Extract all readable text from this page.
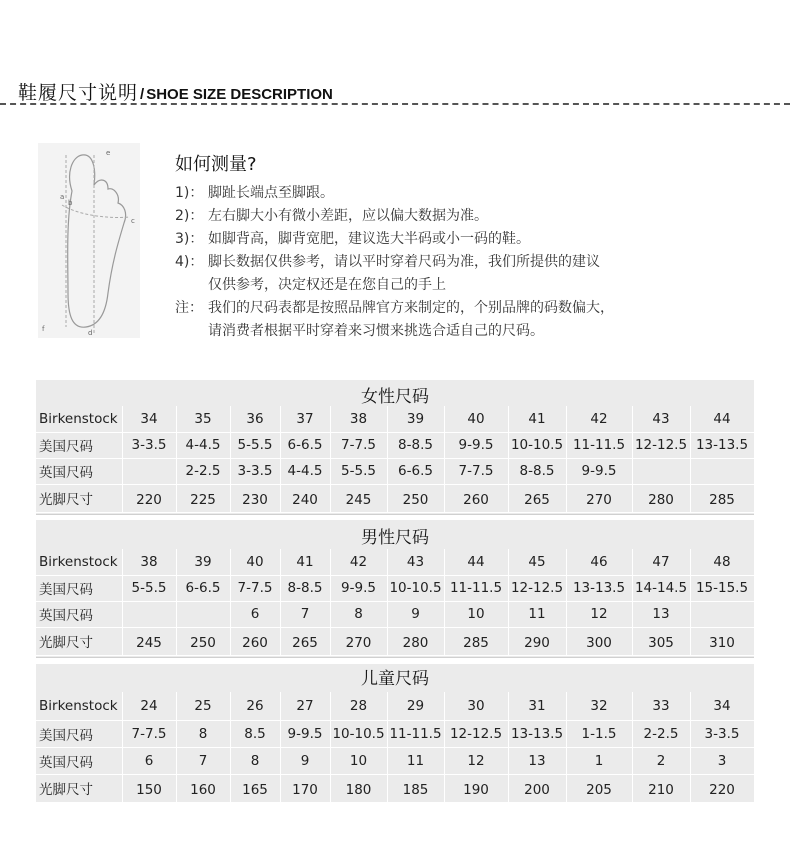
鞋履尺寸说明 / SHOE SIZE DESCRIPTION
e
b
c
a
d
f
如何测量?
1)： 脚趾长端点至脚跟。
2)： 左右脚大小有微小差距，应以偏大数据为准。
3)： 如脚背高，脚背宽肥，建议选大半码或小一码的鞋。
4)： 脚长数据仅供参考，请以平时穿着尺码为准，我们所提供的建议
仅供参考，决定权还是在您自己的手上
注： 我们的尺码表都是按照品牌官方来制定的，个别品牌的码数偏大，
请消费者根据平时穿着来习惯来挑选合适自己的尺码。
女性尺码
Birkenstock	34	35	36	37	38	39	40	41	42	43	44
美国尺码	3-3.5	4-4.5	5-5.5	6-6.5	7-7.5	8-8.5	9-9.5	10-10.5	11-11.5	12-12.5	13-13.5
英国尺码		2-2.5	3-3.5	4-4.5	5-5.5	6-6.5	7-7.5	8-8.5	9-9.5		
光脚尺寸	220	225	230	240	245	250	260	265	270	280	285
男性尺码
Birkenstock	38	39	40	41	42	43	44	45	46	47	48
美国尺码	5-5.5	6-6.5	7-7.5	8-8.5	9-9.5	10-10.5	11-11.5	12-12.5	13-13.5	14-14.5	15-15.5
英国尺码			6	7	8	9	10	11	12	13	
光脚尺寸	245	250	260	265	270	280	285	290	300	305	310
儿童尺码
Birkenstock	24	25	26	27	28	29	30	31	32	33	34
美国尺码	7-7.5	8	8.5	9-9.5	10-10.5	11-11.5	12-12.5	13-13.5	1-1.5	2-2.5	3-3.5
英国尺码	6	7	8	9	10	11	12	13	1	2	3
光脚尺寸	150	160	165	170	180	185	190	200	205	210	220
